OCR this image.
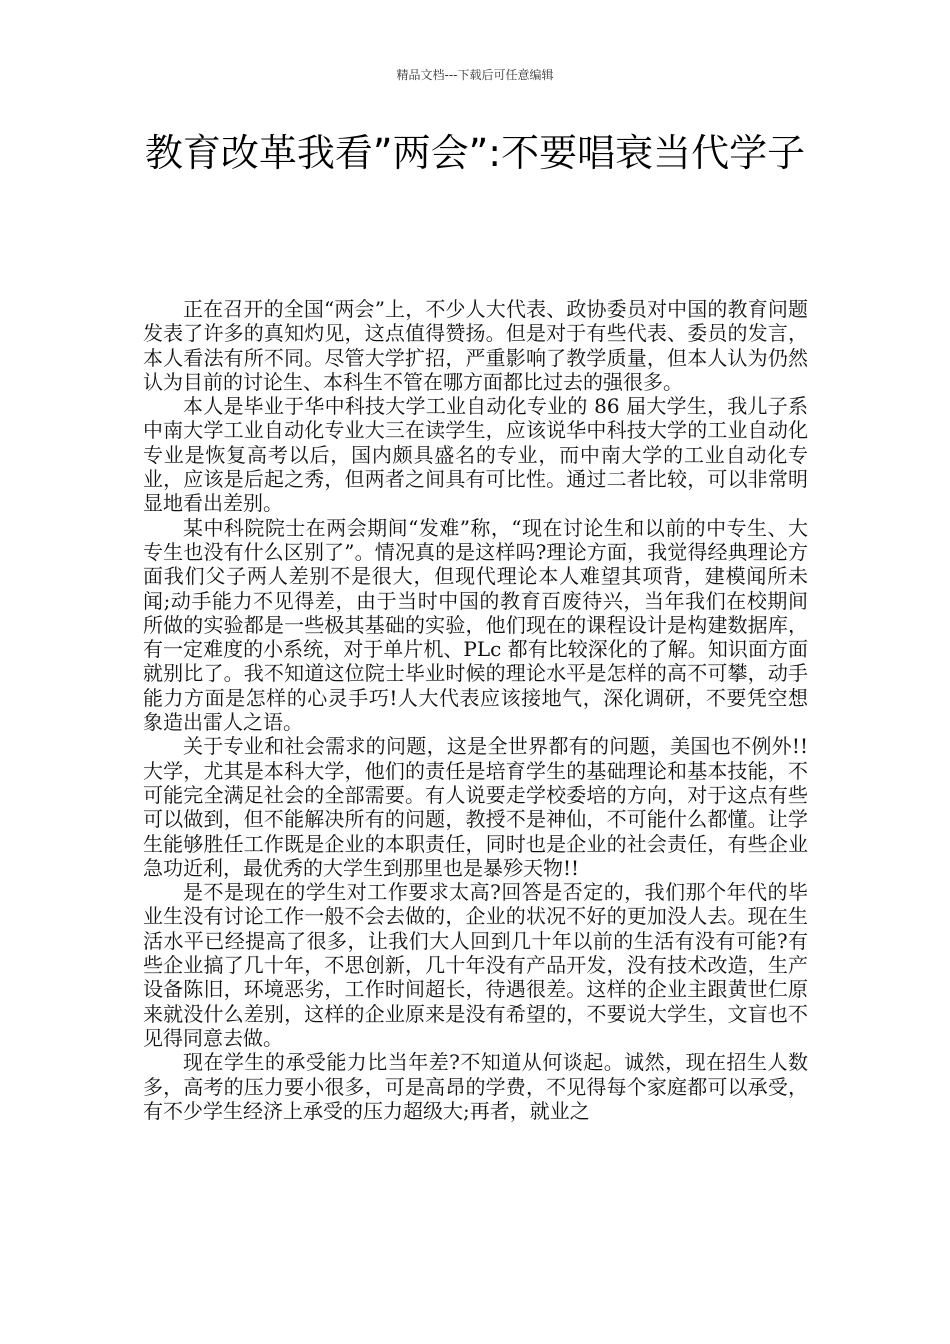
精品文档---下载后可任意编辑
教育改革我看”两会”:不要唱衰当代学子

正在召开的全国“两会”上，不少人大代表、政协委员对中国的教育问题发表了许多的真知灼见，这点值得赞扬。但是对于有些代表、委员的发言，本人看法有所不同。尽管大学扩招，严重影响了教学质量，但本人认为仍然认为目前的讨论生、本科生不管在哪方面都比过去的强很多。

本人是毕业于华中科技大学工业自动化专业的 86 届大学生，我儿子系中南大学工业自动化专业大三在读学生，应该说华中科技大学的工业自动化专业是恢复高考以后，国内颇具盛名的专业，而中南大学的工业自动化专业，应该是后起之秀，但两者之间具有可比性。通过二者比较，可以非常明显地看出差别。

某中科院院士在两会期间“发难”称，“现在讨论生和以前的中专生、大专生也没有什么区别了”。情况真的是这样吗?理论方面，我觉得经典理论方面我们父子两人差别不是很大，但现代理论本人难望其项背，建模闻所未闻;动手能力不见得差，由于当时中国的教育百废待兴，当年我们在校期间所做的实验都是一些极其基础的实验，他们现在的课程设计是构建数据库，有一定难度的小系统，对于单片机、PLc 都有比较深化的了解。知识面方面就别比了。我不知道这位院士毕业时候的理论水平是怎样的高不可攀，动手能力方面是怎样的心灵手巧!人大代表应该接地气，深化调研，不要凭空想象造出雷人之语。

关于专业和社会需求的问题，这是全世界都有的问题，美国也不例外!!大学，尤其是本科大学，他们的责任是培育学生的基础理论和基本技能，不可能完全满足社会的全部需要。有人说要走学校委培的方向，对于这点有些可以做到，但不能解决所有的问题，教授不是神仙，不可能什么都懂。让学生能够胜任工作既是企业的本职责任，同时也是企业的社会责任，有些企业急功近利，最优秀的大学生到那里也是暴殄天物!!

是不是现在的学生对工作要求太高?回答是否定的，我们那个年代的毕业生没有讨论工作一般不会去做的，企业的状况不好的更加没人去。现在生活水平已经提高了很多，让我们大人回到几十年以前的生活有没有可能?有些企业搞了几十年，不思创新，几十年没有产品开发，没有技术改造，生产设备陈旧，环境恶劣，工作时间超长，待遇很差。这样的企业主跟黄世仁原来就没什么差别，这样的企业原来是没有希望的，不要说大学生，文盲也不见得同意去做。

现在学生的承受能力比当年差?不知道从何谈起。诚然，现在招生人数多，高考的压力要小很多，可是高昂的学费，不见得每个家庭都可以承受，有不少学生经济上承受的压力超级大;再者，就业之
